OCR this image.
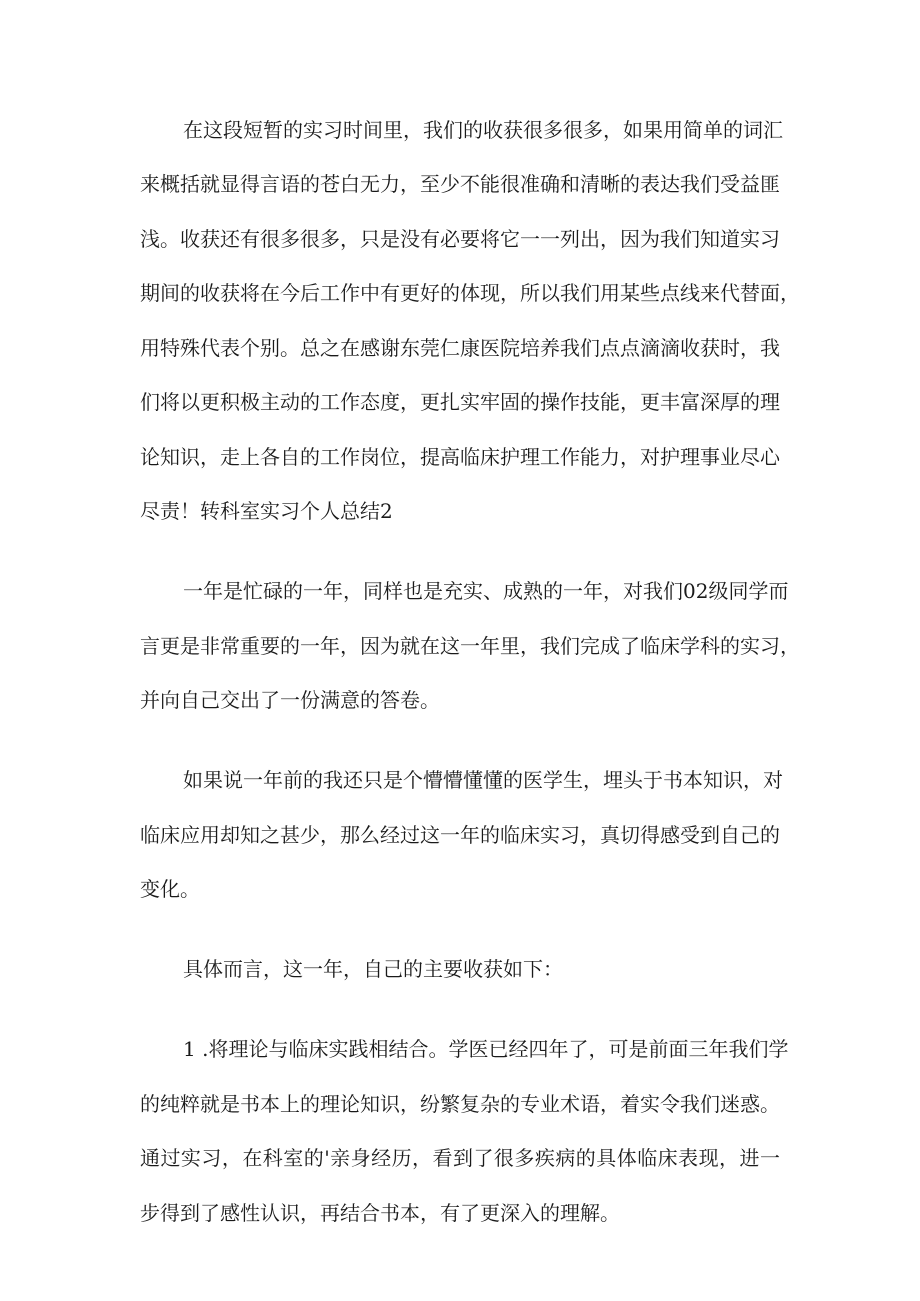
在这段短暂的实习时间里，我们的收获很多很多，如果用简单的词汇
来概括就显得言语的苍白无力，至少不能很准确和清晰的表达我们受益匪
浅。收获还有很多很多，只是没有必要将它一一列出，因为我们知道实习
期间的收获将在今后工作中有更好的体现，所以我们用某些点线来代替面，
用特殊代表个别。总之在感谢东莞仁康医院培养我们点点滴滴收获时，我
们将以更积极主动的工作态度，更扎实牢固的操作技能，更丰富深厚的理
论知识，走上各自的工作岗位，提高临床护理工作能力，对护理事业尽心
尽责！转科室实习个人总结2
一年是忙碌的一年，同样也是充实、成熟的一年，对我们02级同学而
言更是非常重要的一年，因为就在这一年里，我们完成了临床学科的实习，
并向自己交出了一份满意的答卷。
如果说一年前的我还只是个懵懵懂懂的医学生，埋头于书本知识，对
临床应用却知之甚少，那么经过这一年的临床实习，真切得感受到自己的
变化。
具体而言，这一年，自己的主要收获如下：
1 .将理论与临床实践相结合。学医已经四年了，可是前面三年我们学
的纯粹就是书本上的理论知识，纷繁复杂的专业术语，着实令我们迷惑。
通过实习，在科室的'亲身经历，看到了很多疾病的具体临床表现，进一
步得到了感性认识，再结合书本，有了更深入的理解。
